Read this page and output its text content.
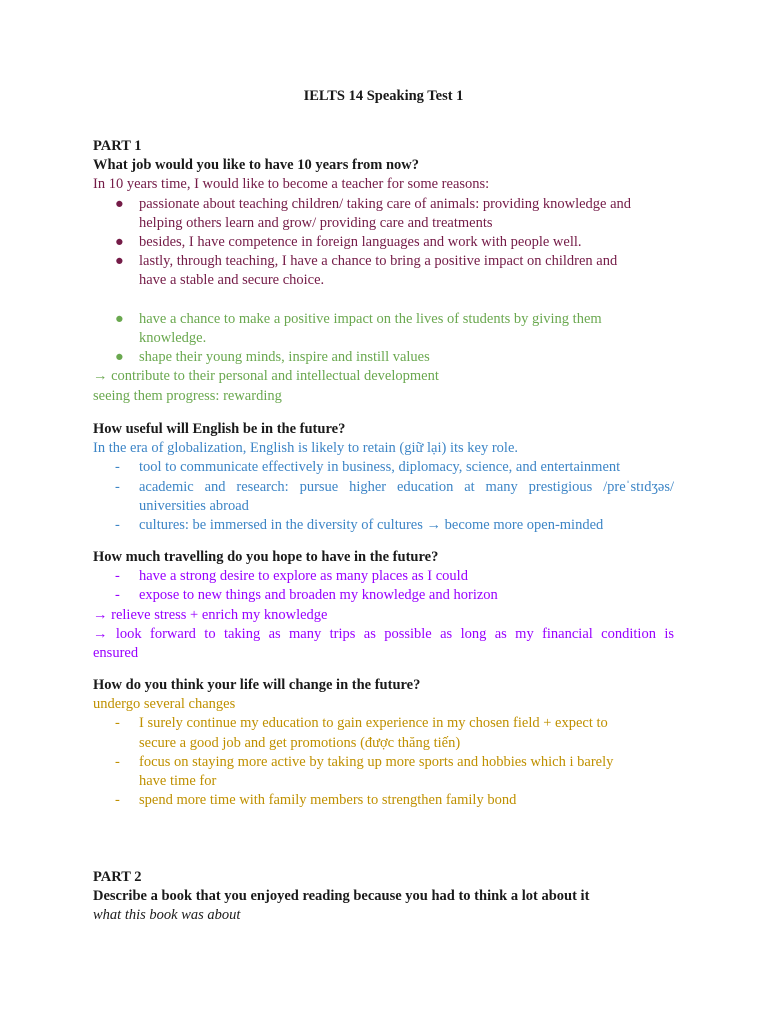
IELTS 14 Speaking Test 1
PART 1
What job would you like to have 10 years from now?
In 10 years time, I would like to become a teacher for some reasons:
● passionate about teaching children/ taking care of animals: providing knowledge and
helping others learn and grow/ providing care and treatments
● besides, I have competence in foreign languages and work with people well.
● lastly, through teaching, I have a chance to bring a positive impact on children and
have a stable and secure choice.
● have a chance to make a positive impact on the lives of students by giving them
knowledge.
● shape their young minds, inspire and instill values
→ contribute to their personal and intellectual development
seeing them progress: rewarding
How useful will English be in the future?
In the era of globalization, English is likely to retain (giữ lại) its key role.
- tool to communicate effectively in business, diplomacy, science, and entertainment
- academic and research: pursue higher education at many prestigious /preˈstɪdʒəs/
universities abroad
- cultures: be immersed in the diversity of cultures → become more open-minded
How much travelling do you hope to have in the future?
- have a strong desire to explore as many places as I could
- expose to new things and broaden my knowledge and horizon
→ relieve stress + enrich my knowledge
→ look forward to taking as many trips as possible as long as my financial condition is
ensured
How do you think your life will change in the future?
undergo several changes
- I surely continue my education to gain experience in my chosen field + expect to
secure a good job and get promotions (được thăng tiến)
- focus on staying more active by taking up more sports and hobbies which i barely
have time for
- spend more time with family members to strengthen family bond
PART 2
Describe a book that you enjoyed reading because you had to think a lot about it
what this book was about
